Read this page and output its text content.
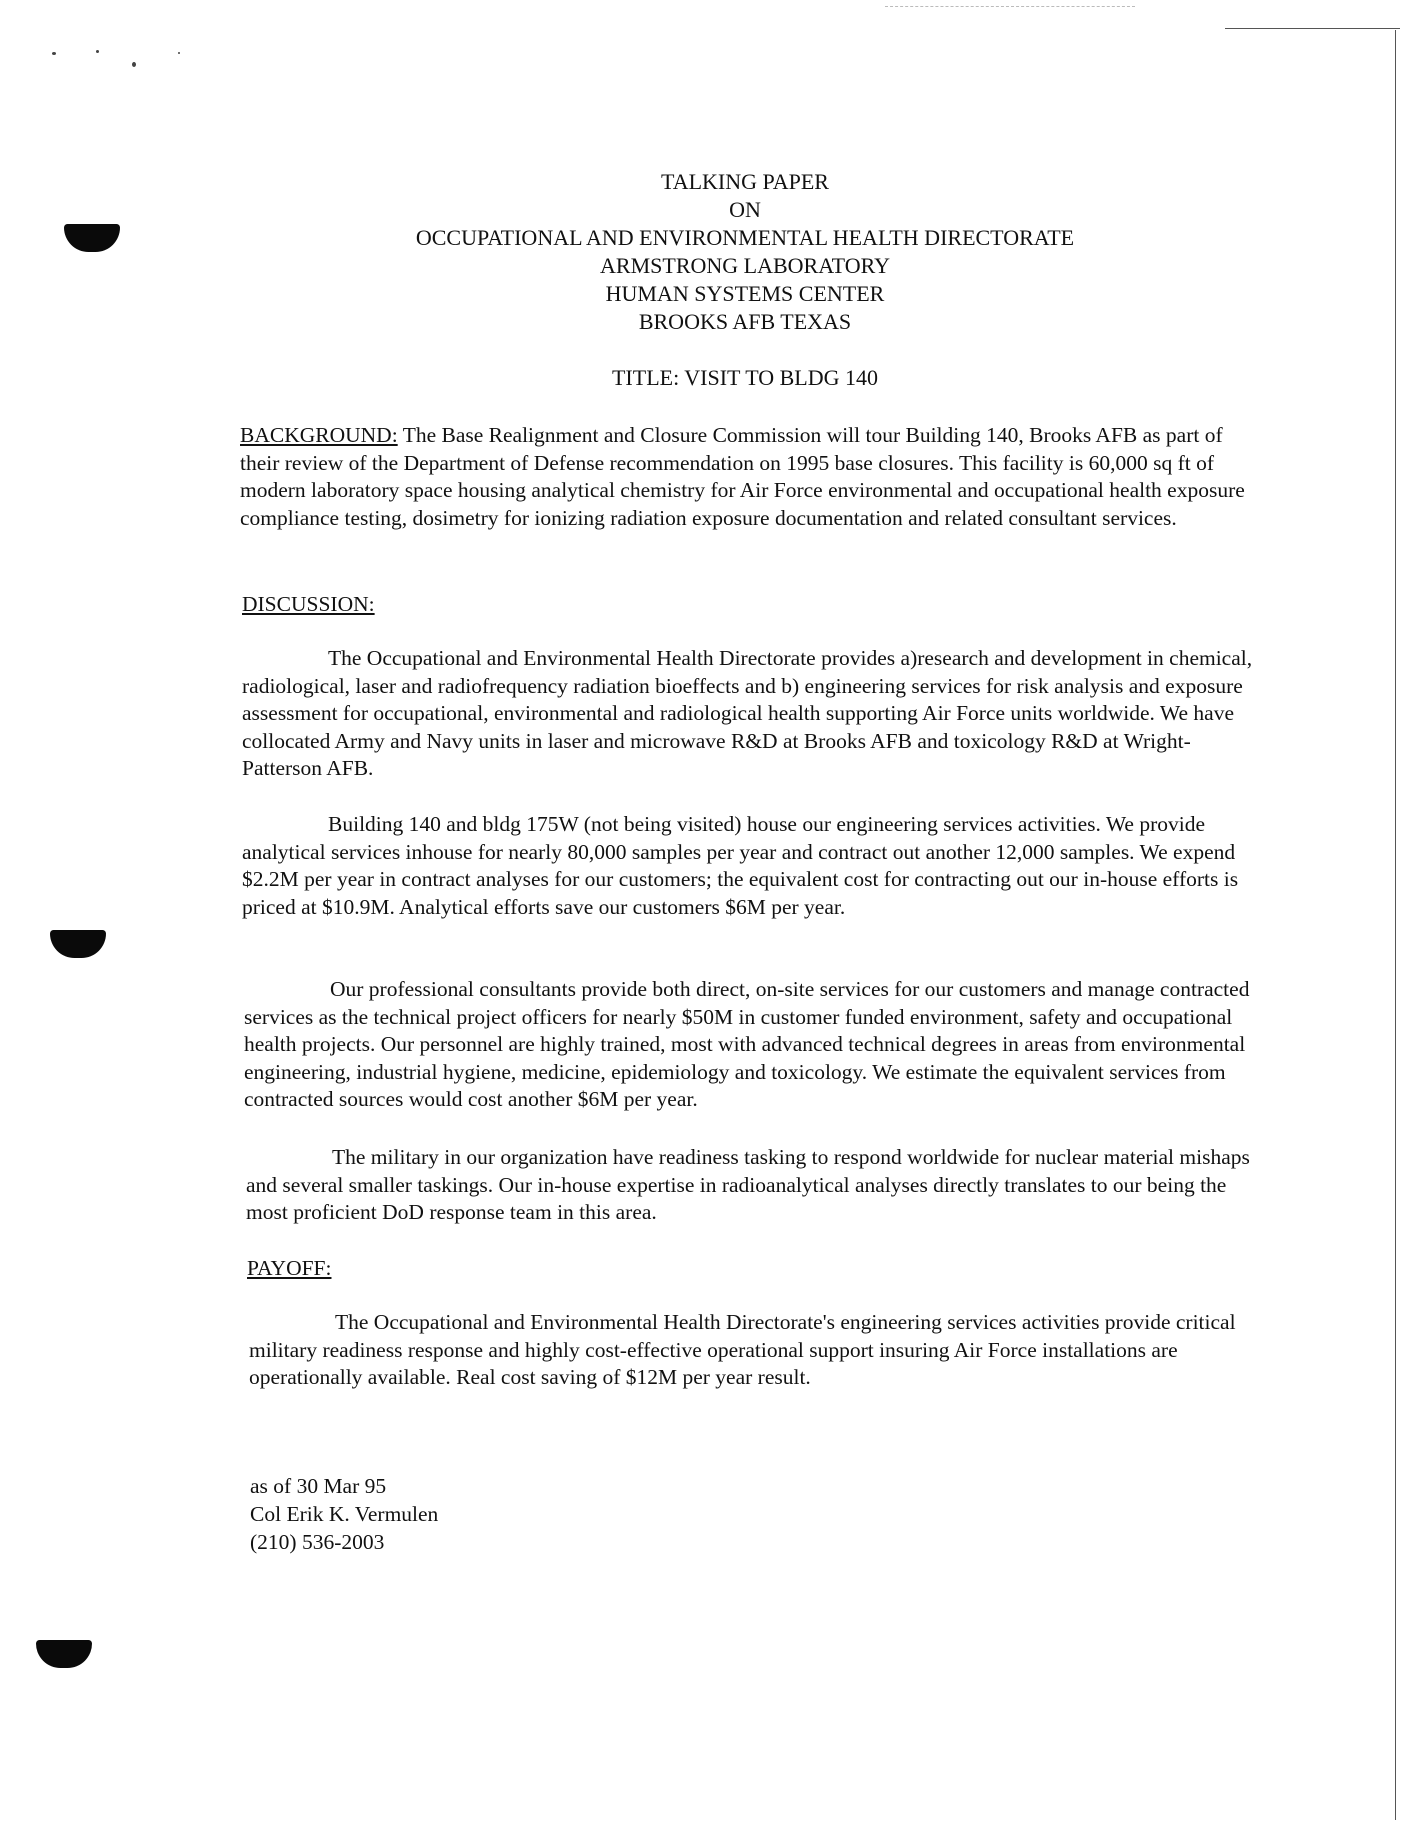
TALKING PAPER
ON
OCCUPATIONAL AND ENVIRONMENTAL HEALTH DIRECTORATE
ARMSTRONG LABORATORY
HUMAN SYSTEMS CENTER
BROOKS AFB TEXAS
TITLE: VISIT TO BLDG 140
BACKGROUND: The Base Realignment and Closure Commission will tour Building 140, Brooks AFB as part of their review of the Department of Defense recommendation on 1995 base closures. This facility is 60,000 sq ft of modern laboratory space housing analytical chemistry for Air Force environmental and occupational health exposure compliance testing, dosimetry for ionizing radiation exposure documentation and related consultant services.
DISCUSSION:

The Occupational and Environmental Health Directorate provides a)research and development in chemical, radiological, laser and radiofrequency radiation bioeffects and b) engineering services for risk analysis and exposure assessment for occupational, environmental and radiological health supporting Air Force units worldwide. We have collocated Army and Navy units in laser and microwave R&D at Brooks AFB and toxicology R&D at Wright-Patterson AFB.

Building 140 and bldg 175W (not being visited) house our engineering services activities. We provide analytical services inhouse for nearly 80,000 samples per year and contract out another 12,000 samples. We expend $2.2M per year in contract analyses for our customers; the equivalent cost for contracting out our in-house efforts is priced at $10.9M. Analytical efforts save our customers $6M per year.

Our professional consultants provide both direct, on-site services for our customers and manage contracted services as the technical project officers for nearly $50M in customer funded environment, safety and occupational health projects. Our personnel are highly trained, most with advanced technical degrees in areas from environmental engineering, industrial hygiene, medicine, epidemiology and toxicology. We estimate the equivalent services from contracted sources would cost another $6M per year.

The military in our organization have readiness tasking to respond worldwide for nuclear material mishaps and several smaller taskings. Our in-house expertise in radioanalytical analyses directly translates to our being the most proficient DoD response team in this area.

PAYOFF:

The Occupational and Environmental Health Directorate's engineering services activities provide critical military readiness response and highly cost-effective operational support insuring Air Force installations are operationally available. Real cost saving of $12M per year result.

as of 30 Mar 95
Col Erik K. Vermulen
(210) 536-2003
